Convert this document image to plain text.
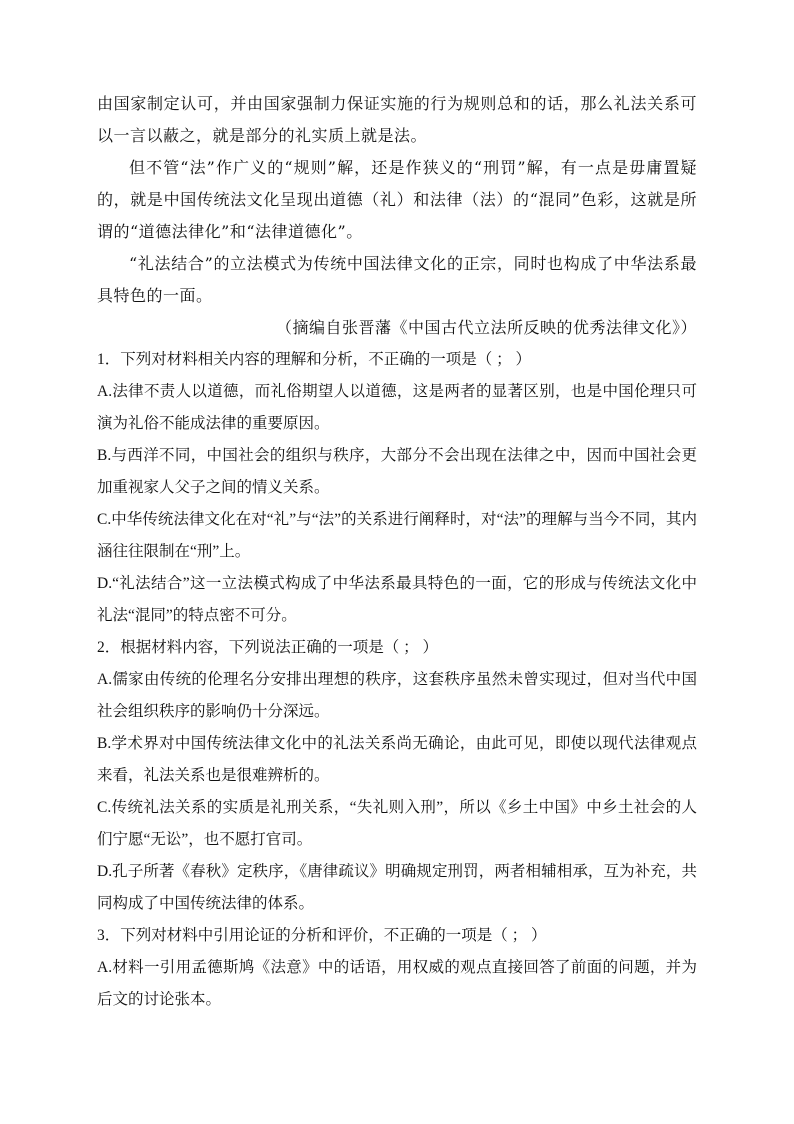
由国家制定认可，并由国家强制力保证实施的行为规则总和的话，那么礼法关系可以一言以蔽之，就是部分的礼实质上就是法。

但不管“法”作广义的“规则”解，还是作狭义的“刑罚”解，有一点是毋庸置疑的，就是中国传统法文化呈现出道德（礼）和法律（法）的“混同”色彩，这就是所谓的“道德法律化”和“法律道德化”。

“礼法结合”的立法模式为传统中国法律文化的正宗，同时也构成了中华法系最具特色的一面。

（摘编自张晋藩《中国古代立法所反映的优秀法律文化》）

1．下列对材料相关内容的理解和分析，不正确的一项是（ ； ）

A.法律不责人以道德，而礼俗期望人以道德，这是两者的显著区别，也是中国伦理只可演为礼俗不能成法律的重要原因。

B.与西洋不同，中国社会的组织与秩序，大部分不会出现在法律之中，因而中国社会更加重视家人父子之间的情义关系。

C.中华传统法律文化在对“礼”与“法”的关系进行阐释时，对“法”的理解与当今不同，其内涵往往限制在“刑”上。

D.“礼法结合”这一立法模式构成了中华法系最具特色的一面，它的形成与传统法文化中礼法“混同”的特点密不可分。

2．根据材料内容，下列说法正确的一项是（ ； ）

A.儒家由传统的伦理名分安排出理想的秩序，这套秩序虽然未曾实现过，但对当代中国社会组织秩序的影响仍十分深远。

B.学术界对中国传统法律文化中的礼法关系尚无确论，由此可见，即使以现代法律观点来看，礼法关系也是很难辨析的。

C.传统礼法关系的实质是礼刑关系，“失礼则入刑”，所以《乡土中国》中乡土社会的人们宁愿“无讼”，也不愿打官司。

D.孔子所著《春秋》定秩序，《唐律疏议》明确规定刑罚，两者相辅相承，互为补充，共同构成了中国传统法律的体系。

3．下列对材料中引用论证的分析和评价，不正确的一项是（ ； ）

A.材料一引用孟德斯鸠《法意》中的话语，用权威的观点直接回答了前面的问题，并为后文的讨论张本。
